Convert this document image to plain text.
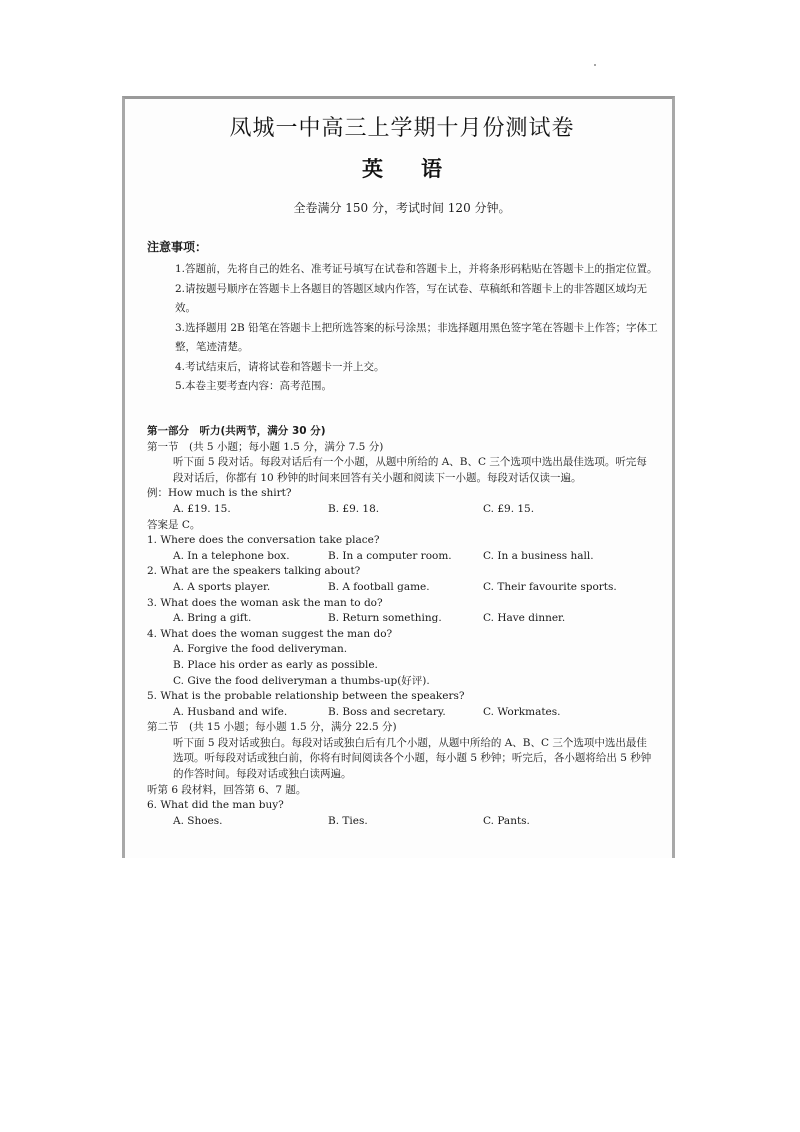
凤城一中高三上学期十月份测试卷
英 语
全卷满分 150 分，考试时间 120 分钟。
注意事项：

1.答题前，先将自己的姓名、准考证号填写在试卷和答题卡上，并将条形码粘贴在答题卡上的指定位置。

2.请按题号顺序在答题卡上各题目的答题区域内作答，写在试卷、草稿纸和答题卡上的非答题区域均无效。

3.选择题用 2B 铅笔在答题卡上把所选答案的标号涂黑；非选择题用黑色签字笔在答题卡上作答；字体工整，笔迹清楚。

4.考试结束后，请将试卷和答题卡一并上交。

5.本卷主要考查内容：高考范围。

第一部分　听力(共两节，满分 30 分)
第一节　(共 5 小题；每小题 1.5 分，满分 7.5 分)
听下面 5 段对话。每段对话后有一个小题，从题中所给的 A、B、C 三个选项中选出最佳选项。听完每段对话后，你都有 10 秒钟的时间来回答有关小题和阅读下一小题。每段对话仅读一遍。
例：How much is the shirt?
A. £19. 15.	B. £9. 18.	C. £9. 15.
答案是 C。
1. Where does the conversation take place?
A. In a telephone box.	B. In a computer room.	C. In a business hall.
2. What are the speakers talking about?
A. A sports player.	B. A football game.	C. Their favourite sports.
3. What does the woman ask the man to do?
A. Bring a gift.	B. Return something.	C. Have dinner.
4. What does the woman suggest the man do?
A. Forgive the food deliveryman.
B. Place his order as early as possible.
C. Give the food deliveryman a thumbs-up(好评).
5. What is the probable relationship between the speakers?
A. Husband and wife.	B. Boss and secretary.	C. Workmates.
第二节　(共 15 小题；每小题 1.5 分，满分 22.5 分)
听下面 5 段对话或独白。每段对话或独白后有几个小题，从题中所给的 A、B、C 三个选项中选出最佳选项。听每段对话或独白前，你将有时间阅读各个小题，每小题 5 秒钟；听完后，各小题将给出 5 秒钟的作答时间。每段对话或独白读两遍。
听第 6 段材料，回答第 6、7 题。
6. What did the man buy?
A. Shoes.	B. Ties.	C. Pants.
